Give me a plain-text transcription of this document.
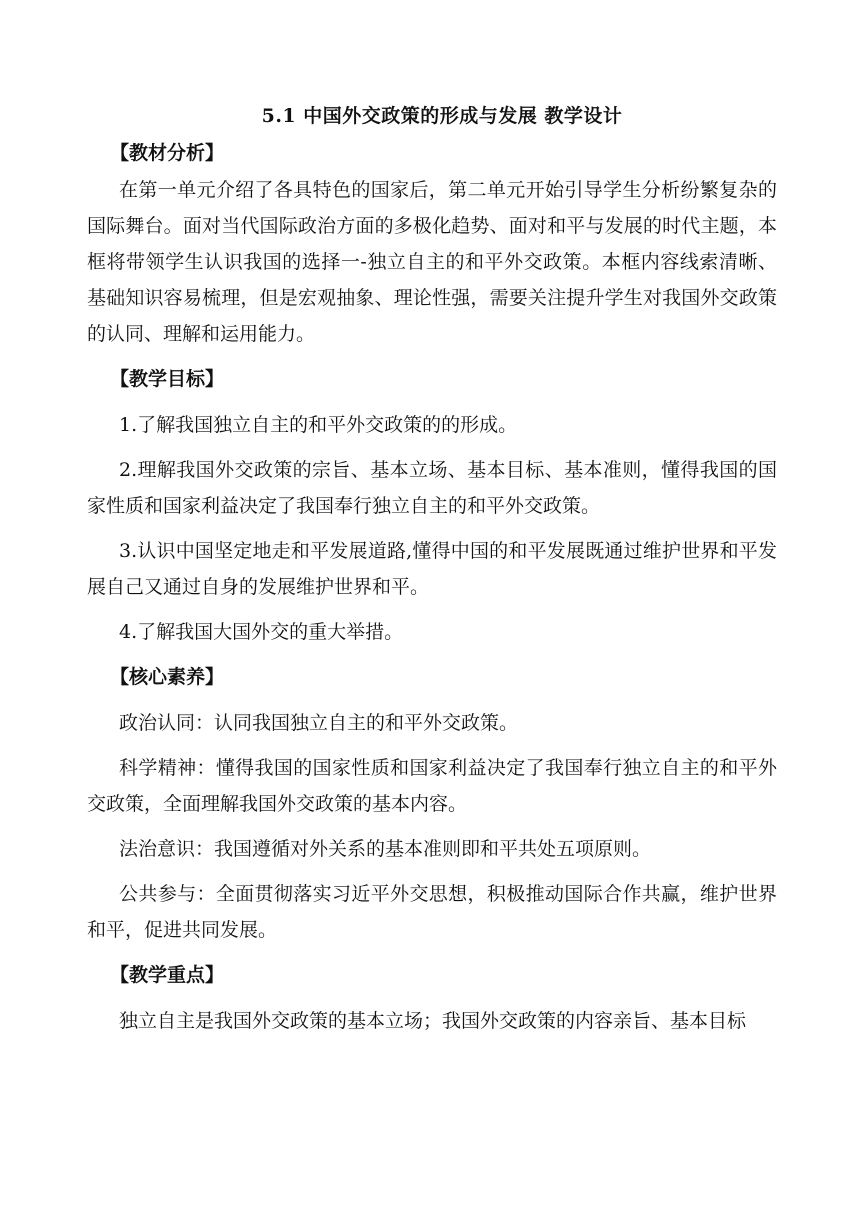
5.1 中国外交政策的形成与发展 教学设计
【教材分析】

在第一单元介绍了各具特色的国家后，第二单元开始引导学生分析纷繁复杂的国际舞台。面对当代国际政治方面的多极化趋势、面对和平与发展的时代主题，本框将带领学生认识我国的选择一-独立自主的和平外交政策。本框内容线索清晰、基础知识容易梳理，但是宏观抽象、理论性强，需要关注提升学生对我国外交政策的认同、理解和运用能力。

【教学目标】

1.了解我国独立自主的和平外交政策的的形成。

2.理解我国外交政策的宗旨、基本立场、基本目标、基本准则，懂得我国的国家性质和国家利益决定了我国奉行独立自主的和平外交政策。

3.认识中国坚定地走和平发展道路,懂得中国的和平发展既通过维护世界和平发展自己又通过自身的发展维护世界和平。

4.了解我国大国外交的重大举措。

【核心素养】

政治认同：认同我国独立自主的和平外交政策。

科学精神：懂得我国的国家性质和国家利益决定了我国奉行独立自主的和平外交政策，全面理解我国外交政策的基本内容。

法治意识：我国遵循对外关系的基本准则即和平共处五项原则。

公共参与：全面贯彻落实习近平外交思想，积极推动国际合作共赢，维护世界和平，促进共同发展。

【教学重点】

独立自主是我国外交政策的基本立场；我国外交政策的内容亲旨、基本目标
